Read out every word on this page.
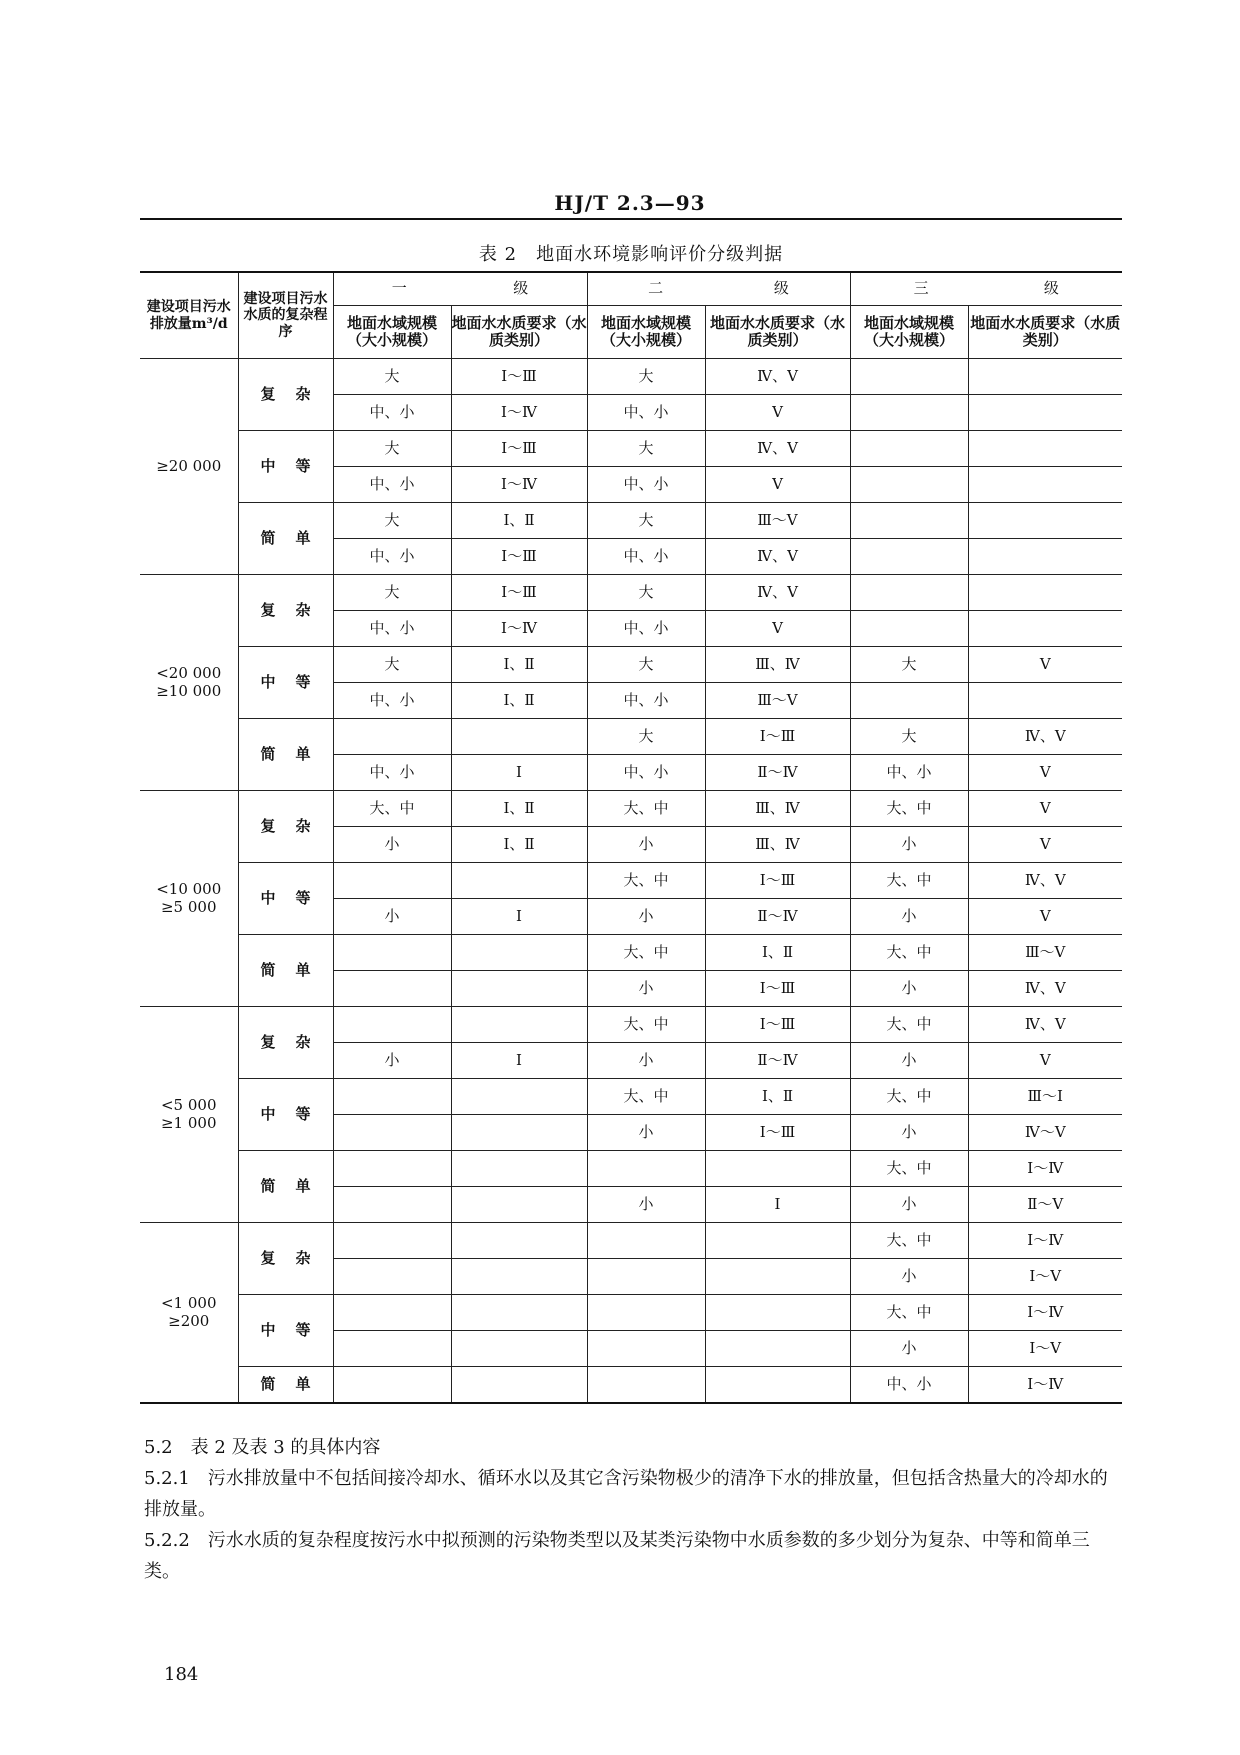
HJ/T 2.3—93
表 2　地面水环境影响评价分级判据
建设项目污水排放量m³/d	建设项目污水水质的复杂程序	一 级		二 级		三 级	
		地面水域规模（大小规模）	地面水水质要求（水质类别）	地面水域规模（大小规模）	地面水水质要求（水质类别）	地面水域规模（大小规模）	地面水水质要求（水质类别）

≥20 000	复杂	大	Ⅰ～Ⅲ	大	Ⅳ、Ⅴ		
		中、小	Ⅰ～Ⅳ	中、小	Ⅴ		
	中等	大	Ⅰ～Ⅲ	大	Ⅳ、Ⅴ		
		中、小	Ⅰ～Ⅳ	中、小	Ⅴ		
	简单	大	Ⅰ、Ⅱ	大	Ⅲ～Ⅴ		
		中、小	Ⅰ～Ⅲ	中、小	Ⅳ、Ⅴ		

<20 000
≥10 000	复杂	大	Ⅰ～Ⅲ	大	Ⅳ、Ⅴ		
		中、小	Ⅰ～Ⅳ	中、小	Ⅴ		
	中等	大	Ⅰ、Ⅱ	大	Ⅲ、Ⅳ	大	Ⅴ
		中、小	Ⅰ、Ⅱ	中、小	Ⅲ～Ⅴ		
	简单			大	Ⅰ～Ⅲ	大	Ⅳ、Ⅴ
		中、小	Ⅰ	中、小	Ⅱ～Ⅳ	中、小	Ⅴ

<10 000
≥5 000	复杂	大、中	Ⅰ、Ⅱ	大、中	Ⅲ、Ⅳ	大、中	Ⅴ
		小	Ⅰ、Ⅱ	小	Ⅲ、Ⅳ	小	Ⅴ
	中等			大、中	Ⅰ～Ⅲ	大、中	Ⅳ、Ⅴ
		小	Ⅰ	小	Ⅱ～Ⅳ	小	Ⅴ
	简单			大、中	Ⅰ、Ⅱ	大、中	Ⅲ～Ⅴ
				小	Ⅰ～Ⅲ	小	Ⅳ、Ⅴ

<5 000
≥1 000	复杂			大、中	Ⅰ～Ⅲ	大、中	Ⅳ、Ⅴ
		小	Ⅰ	小	Ⅱ～Ⅳ	小	Ⅴ
	中等			大、中	Ⅰ、Ⅱ	大、中	Ⅲ～Ⅰ
				小	Ⅰ～Ⅲ	小	Ⅳ～Ⅴ
	简单					大、中	Ⅰ～Ⅳ
				小	Ⅰ	小	Ⅱ～Ⅴ

<1 000
≥200	复杂					大、中	Ⅰ～Ⅳ
						小	Ⅰ～Ⅴ
	中等					大、中	Ⅰ～Ⅳ
						小	Ⅰ～Ⅴ
	简单					中、小	Ⅰ～Ⅳ
5.2　表 2 及表 3 的具体内容
5.2.1　污水排放量中不包括间接冷却水、循环水以及其它含污染物极少的清净下水的排放量，但包括含热量大的冷却水的排放量。
5.2.2　污水水质的复杂程度按污水中拟预测的污染物类型以及某类污染物中水质参数的多少划分为复杂、中等和简单三类。
184
